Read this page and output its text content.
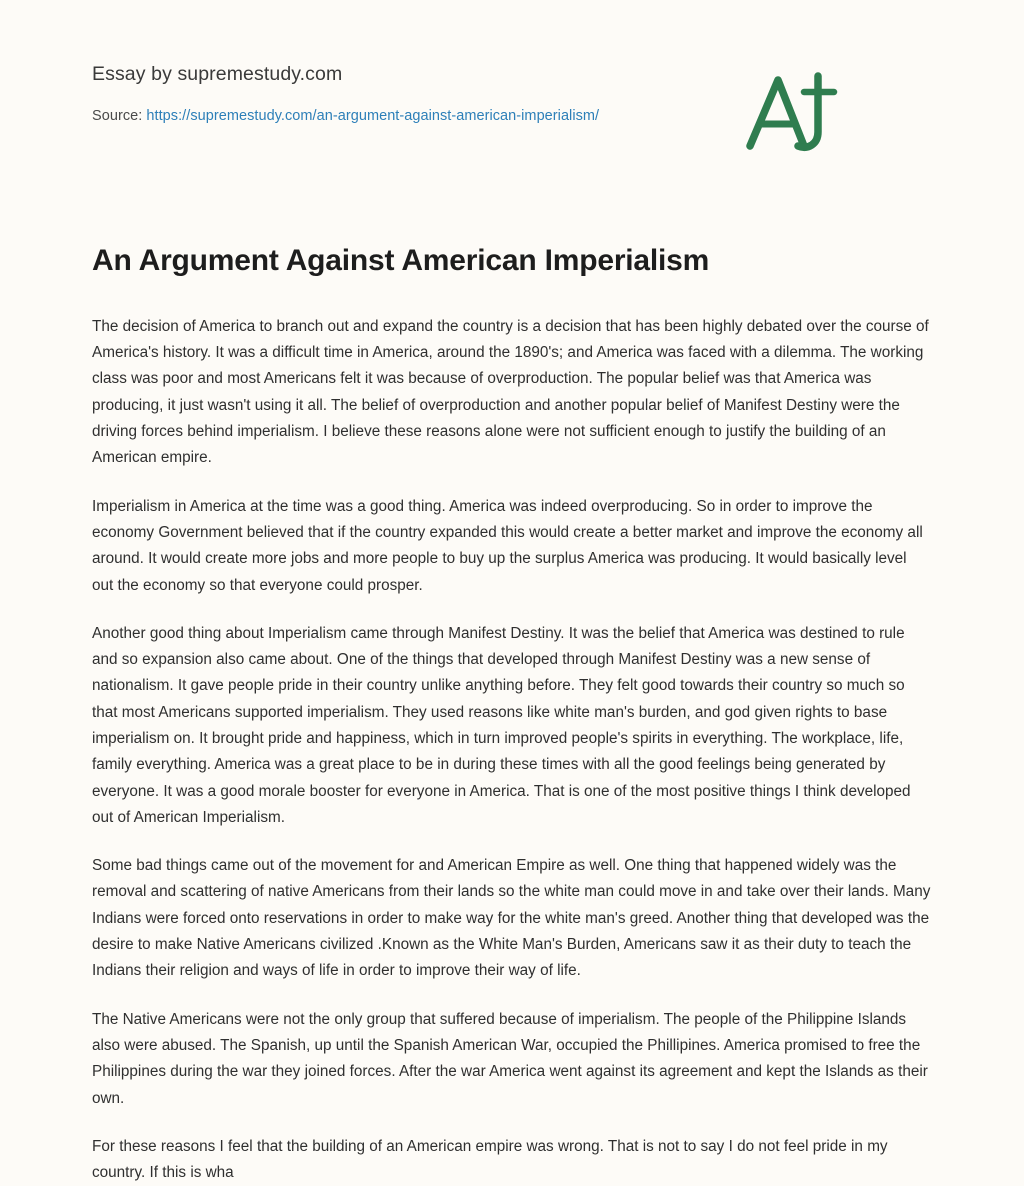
Essay by supremestudy.com
Source: https://supremestudy.com/an-argument-against-american-imperialism/
An Argument Against American Imperialism

The decision of America to branch out and expand the country is a decision that has been highly debated over the course of America's history. It was a difficult time in America, around the 1890's; and America was faced with a dilemma. The working class was poor and most Americans felt it was because of overproduction. The popular belief was that America was producing, it just wasn't using it all. The belief of overproduction and another popular belief of Manifest Destiny were the driving forces behind imperialism. I believe these reasons alone were not sufficient enough to justify the building of an American empire.

Imperialism in America at the time was a good thing. America was indeed overproducing. So in order to improve the economy Government believed that if the country expanded this would create a better market and improve the economy all around. It would create more jobs and more people to buy up the surplus America was producing. It would basically level out the economy so that everyone could prosper.

Another good thing about Imperialism came through Manifest Destiny. It was the belief that America was destined to rule and so expansion also came about. One of the things that developed through Manifest Destiny was a new sense of nationalism. It gave people pride in their country unlike anything before. They felt good towards their country so much so that most Americans supported imperialism. They used reasons like white man's burden, and god given rights to base imperialism on. It brought pride and happiness, which in turn improved people's spirits in everything. The workplace, life, family everything. America was a great place to be in during these times with all the good feelings being generated by everyone. It was a good morale booster for everyone in America. That is one of the most positive things I think developed out of American Imperialism.

Some bad things came out of the movement for and American Empire as well. One thing that happened widely was the removal and scattering of native Americans from their lands so the white man could move in and take over their lands. Many Indians were forced onto reservations in order to make way for the white man's greed. Another thing that developed was the desire to make Native Americans civilized .Known as the White Man's Burden, Americans saw it as their duty to teach the Indians their religion and ways of life in order to improve their way of life.

The Native Americans were not the only group that suffered because of imperialism. The people of the Philippine Islands also were abused. The Spanish, up until the Spanish American War, occupied the Phillipines. America promised to free the Philippines during the war they joined forces. After the war America went against its agreement and kept the Islands as their own.

For these reasons I feel that the building of an American empire was wrong. That is not to say I do not feel pride in my country. If this is wha
